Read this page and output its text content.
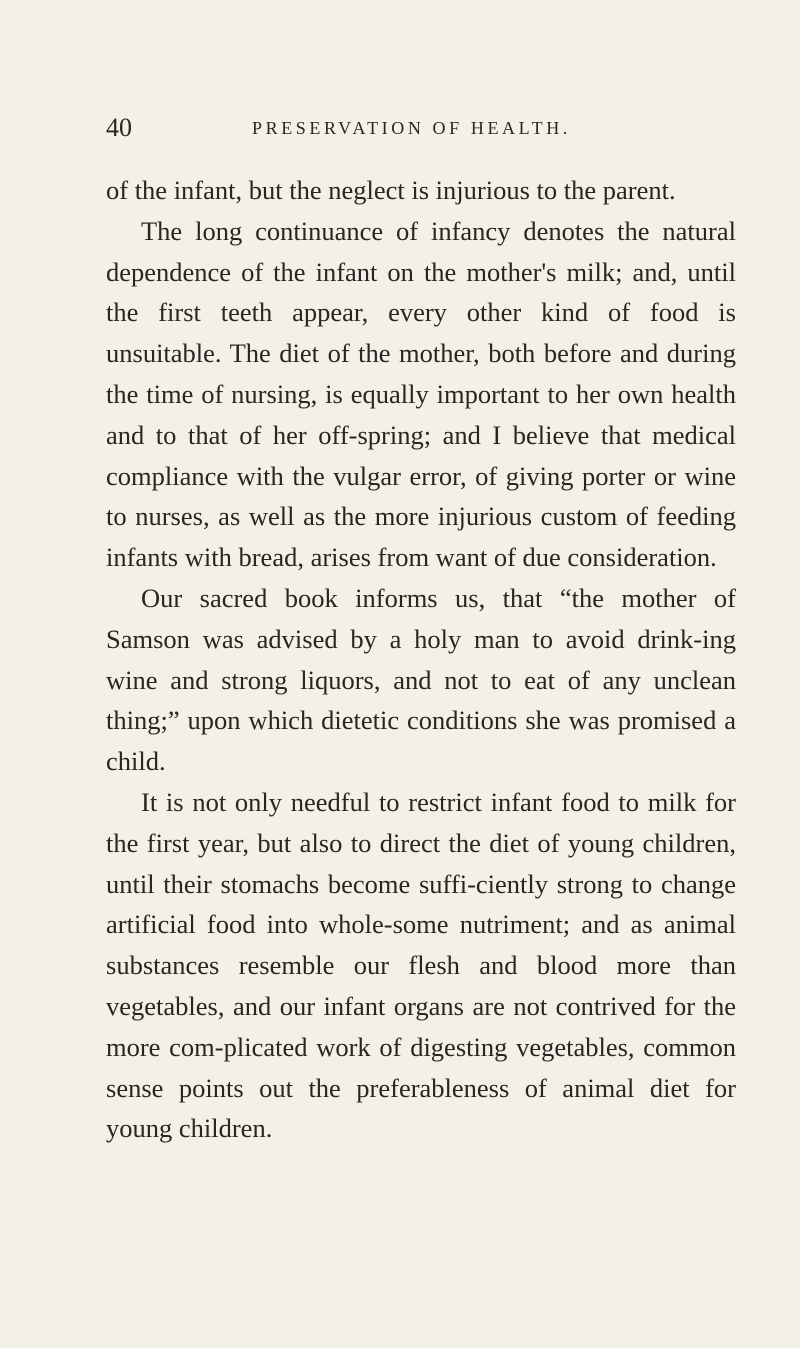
40	PRESERVATION OF HEALTH.

of the infant, but the neglect is injurious to the parent.

The long continuance of infancy denotes the natural dependence of the infant on the mother's milk; and, until the first teeth appear, every other kind of food is unsuitable. The diet of the mother, both before and during the time of nursing, is equally important to her own health and to that of her off-spring; and I believe that medical compliance with the vulgar error, of giving porter or wine to nurses, as well as the more injurious custom of feeding infants with bread, arises from want of due consideration.

Our sacred book informs us, that “the mother of Samson was advised by a holy man to avoid drink-ing wine and strong liquors, and not to eat of any unclean thing;” upon which dietetic conditions she was promised a child.

It is not only needful to restrict infant food to milk for the first year, but also to direct the diet of young children, until their stomachs become suffi-ciently strong to change artificial food into whole-some nutriment; and as animal substances resemble our flesh and blood more than vegetables, and our infant organs are not contrived for the more com-plicated work of digesting vegetables, common sense points out the preferableness of animal diet for young children.
